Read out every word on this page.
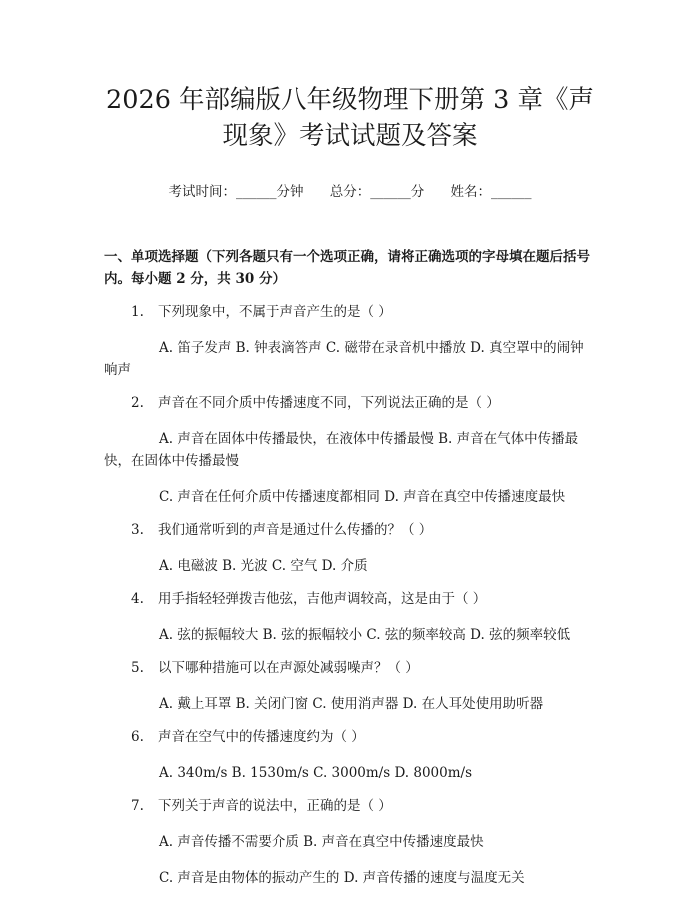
2026 年部编版八年级物理下册第 3 章《声现象》考试试题及答案
考试时间：______分钟 总分：______分 姓名：______
一、单项选择题（下列各题只有一个选项正确，请将正确选项的字母填在题后括号内。每小题 2 分，共 30 分）
1. 下列现象中，不属于声音产生的是（ ）
A. 笛子发声 B. 钟表滴答声 C. 磁带在录音机中播放 D. 真空罩中的闹钟响声
2. 声音在不同介质中传播速度不同，下列说法正确的是（ ）
A. 声音在固体中传播最快，在液体中传播最慢 B. 声音在气体中传播最快，在固体中传播最慢
C. 声音在任何介质中传播速度都相同 D. 声音在真空中传播速度最快
3. 我们通常听到的声音是通过什么传播的？（ ）
A. 电磁波 B. 光波 C. 空气 D. 介质
4. 用手指轻轻弹拨吉他弦，吉他声调较高，这是由于（ ）
A. 弦的振幅较大 B. 弦的振幅较小 C. 弦的频率较高 D. 弦的频率较低
5. 以下哪种措施可以在声源处减弱噪声？（ ）
A. 戴上耳罩 B. 关闭门窗 C. 使用消声器 D. 在人耳处使用助听器
6. 声音在空气中的传播速度约为（ ）
A. 340m/s B. 1530m/s C. 3000m/s D. 8000m/s
7. 下列关于声音的说法中，正确的是（ ）
A. 声音传播不需要介质 B. 声音在真空中传播速度最快
C. 声音是由物体的振动产生的 D. 声音传播的速度与温度无关
